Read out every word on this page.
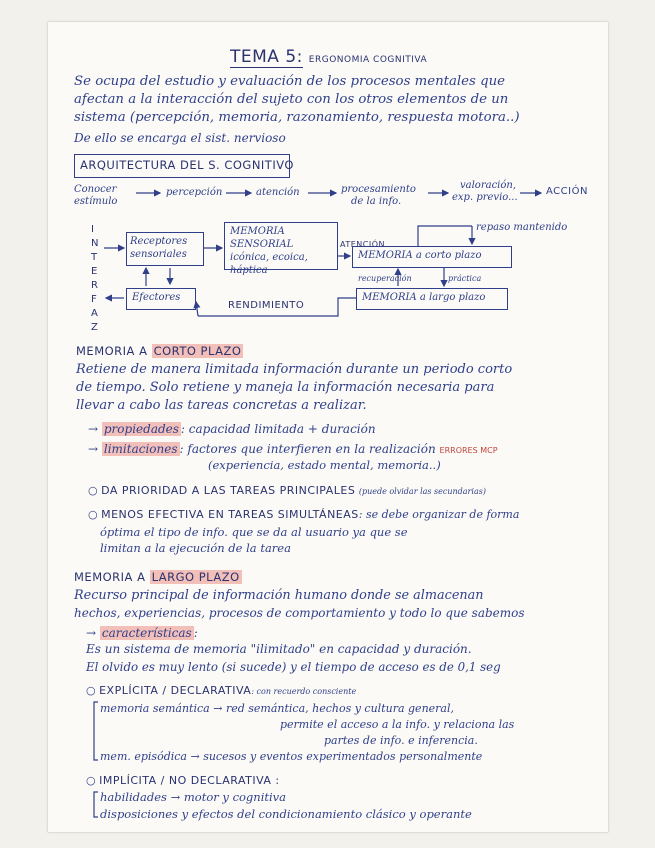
TEMA 5: ERGONOMIA COGNITIVA
Se ocupa del estudio y evaluación de los procesos mentales que
afectan a la interacción del sujeto con los otros elementos de un
sistema (percepción, memoria, razonamiento, respuesta motora..)
De ello se encarga el sist. nervioso
ARQUITECTURA DEL S. COGNITIVO
Conocer
estímulo
percepción	atención	procesamiento
de la info.
valoración,
exp. previo...
ACCIÓN
I
N
T
E
R
F
A
Z
Receptores sensoriales
Efectores
MEMORIA SENSORIAL icónica, ecoica, háptica
ATENCIÓN
MEMORIA a corto plazo
repaso mantenido
recuperación	práctica
MEMORIA a largo plazo
RENDIMIENTO
MEMORIA A CORTO PLAZO
Retiene de manera limitada información durante un periodo corto
de tiempo. Solo retiene y maneja la información necesaria para
llevar a cabo las tareas concretas a realizar.
→ propiedades : capacidad limitada + duración
→ limitaciones : factores que interfieren en la realización ERRORES MCP
(experiencia, estado mental, memoria..)
○ DA PRIORIDAD A LAS TAREAS PRINCIPALES (puede olvidar las secundarias)
○ MENOS EFECTIVA EN TAREAS SIMULTÁNEAS: se debe organizar de forma
óptima el tipo de info. que se da al usuario ya que se
limitan a la ejecución de la tarea
MEMORIA A LARGO PLAZO
Recurso principal de información humano donde se almacenan
hechos, experiencias, procesos de comportamiento y todo lo que sabemos
→ características :
Es un sistema de memoria "ilimitado" en capacidad y duración.
El olvido es muy lento (si sucede) y el tiempo de acceso es de 0,1 seg
○ EXPLÍCITA / DECLARATIVA: con recuerdo consciente
memoria semántica → red semántica, hechos y cultura general,
permite el acceso a la info. y relaciona las
partes de info. e inferencia.
mem. episódica → sucesos y eventos experimentados personalmente
○ IMPLÍCITA / NO DECLARATIVA :
habilidades → motor y cognitiva
disposiciones y efectos del condicionamiento clásico y operante
